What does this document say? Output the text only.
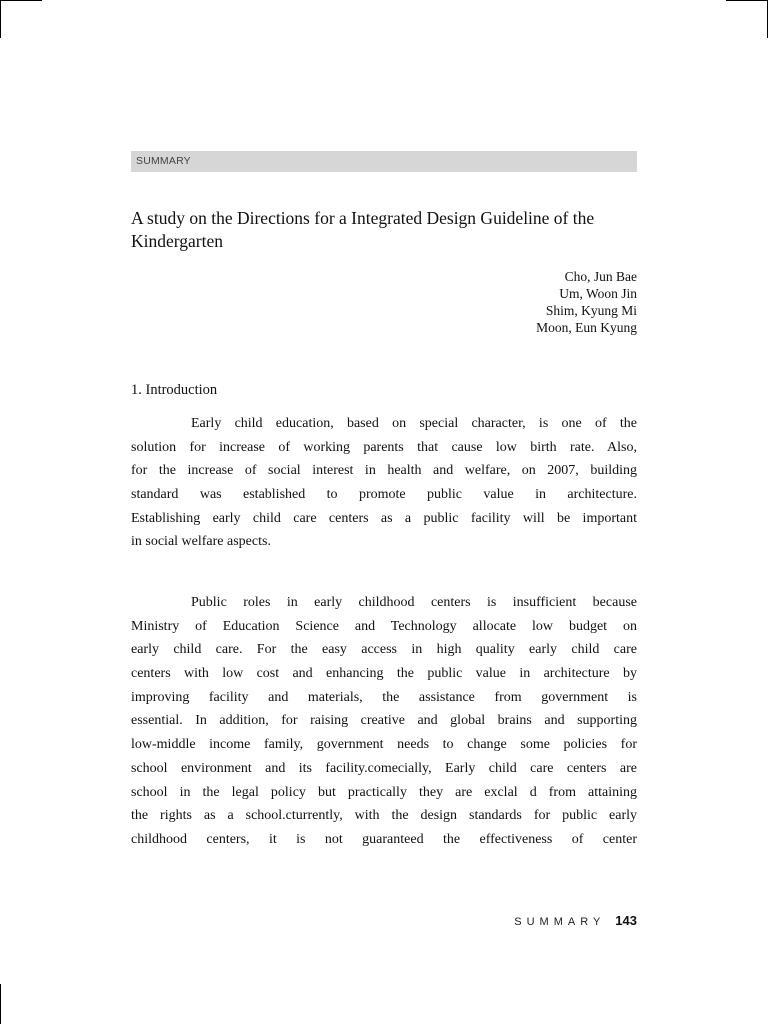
SUMMARY
A study on the Directions for a Integrated Design Guideline of the Kindergarten
Cho, Jun Bae
Um, Woon Jin
Shim, Kyung Mi
Moon, Eun Kyung
1. Introduction
Early child education, based on special character, is one of the
solution for increase of working parents that cause low birth rate. Also,
for the increase of social interest in health and welfare, on 2007, building
standard was established to promote public value in architecture.
Establishing early child care centers as a public facility will be important
in social welfare aspects.
Public roles in early childhood centers is insufficient because
Ministry of Education Science and Technology allocate low budget on
early child care. For the easy access in high quality early child care
centers with low cost and enhancing the public value in architecture by
improving facility and materials, the assistance from government is
essential. In addition, for raising creative and global brains and supporting
low-middle income family, government needs to change some policies for
school environment and its facility.comecially, Early child care centers are
school in the legal policy but practically they are exclal d from attaining
the rights as a school.cturrently, with the design standards for public early
childhood centers, it is not guaranteed the effectiveness of center
SUMMARY 143
